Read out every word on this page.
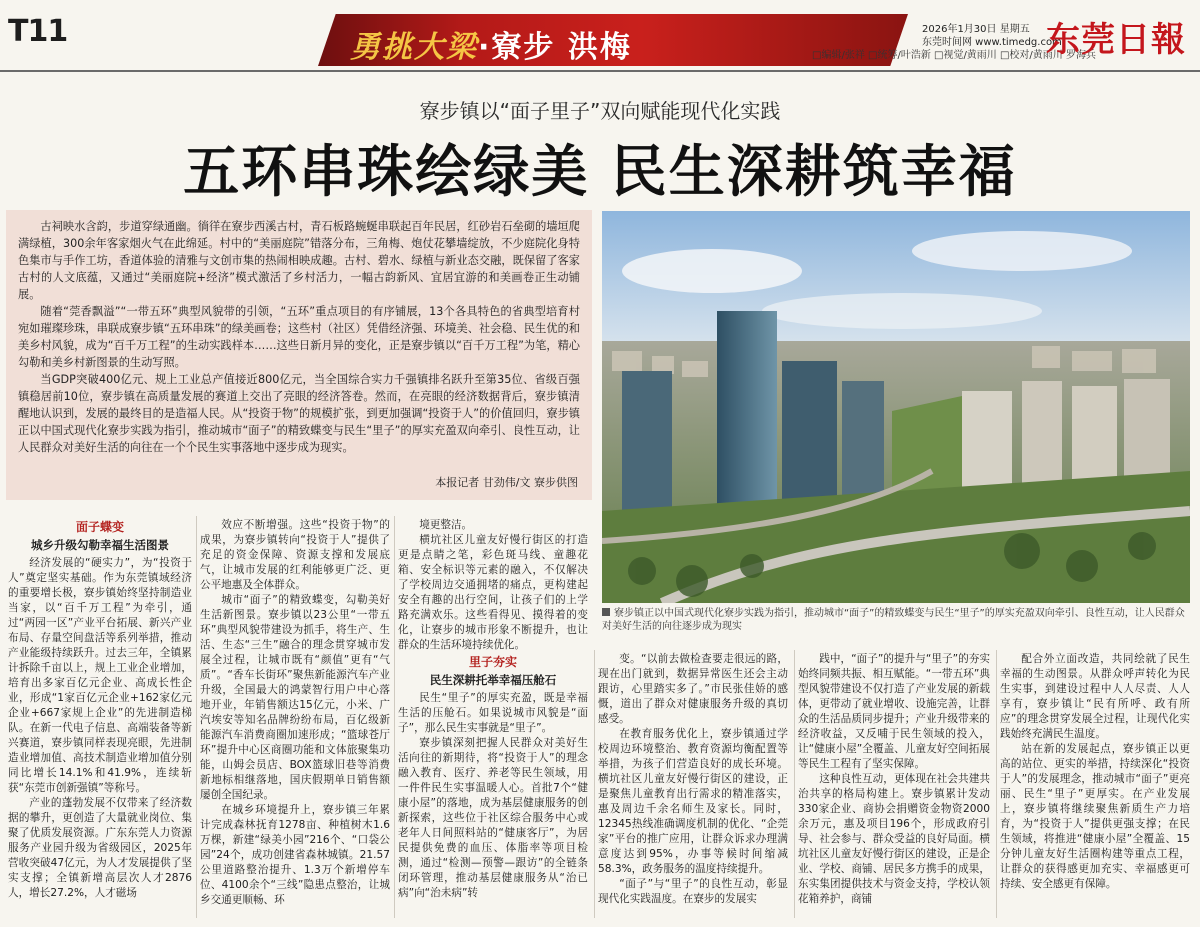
T11	勇挑大梁·寮步 洪梅
2026年1月30日 星期五
东莞时间网 www.timedg.com
□编辑/张祥 □统筹/叶浩新 □视觉/黄雨川 □校对/黄雨川 罗海兵
东莞日報
寮步镇以“面子里子”双向赋能现代化实践
五环串珠绘绿美 民生深耕筑幸福

古祠映水含韵，步道穿绿通幽。徜徉在寮步西溪古村，青石板路蜿蜒串联起百年民居，红砂岩石垒砌的墙垣爬满绿植，300余年客家烟火气在此绵延。村中的“美丽庭院”错落分布，三角梅、炮仗花攀墙绽放，不少庭院化身特色集市与手作工坊，香道体验的清雅与文创市集的热闹相映成趣。古村、碧水、绿植与新业态交融，既保留了客家古村的人文底蕴，又通过“美丽庭院+经济”模式激活了乡村活力，一幅古韵新风、宜居宜游的和美画卷正生动铺展。

随着“莞香飘溢”“一带五环”典型风貌带的引领，“五环”重点项目的有序铺展，13个各具特色的省典型培育村宛如璀璨珍珠，串联成寮步镇“五环串珠”的绿美画卷；这些村（社区）凭借经济强、环境美、社会稳、民生优的和美乡村风貌，成为“百千万工程”的生动实践样本……这些日新月异的变化，正是寮步镇以“百千万工程”为笔，精心勾勒和美乡村新图景的生动写照。

当GDP突破400亿元、规上工业总产值接近800亿元，当全国综合实力千强镇排名跃升至第35位、省级百强镇稳居前10位，寮步镇在高质量发展的赛道上交出了亮眼的经济答卷。然而，在亮眼的经济数据背后，寮步镇清醒地认识到，发展的最终目的是造福人民。从“投资于物”的规模扩张，到更加强调“投资于人”的价值回归，寮步镇正以中国式现代化寮步实践为指引，推动城市“面子”的精致蝶变与民生“里子”的厚实充盈双向牵引、良性互动，让人民群众对美好生活的向往在一个个民生实事落地中逐步成为现实。

本报记者 甘劲伟/文 寮步供图
寮步镇正以中国式现代化寮步实践为指引，推动城市“面子”的精致蝶变与民生“里子”的厚实充盈双向牵引、良性互动，让人民群众对美好生活的向往逐步成为现实

面子蝶变

城乡升级勾勒幸福生活图景

经济发展的“硬实力”，为“投资于人”奠定坚实基础。作为东莞镇域经济的重要增长极，寮步镇始终坚持制造业当家，以“百千万工程”为牵引，通过“两园一区”产业平台拓展、新兴产业布局、存量空间盘活等系列举措，推动产业能级持续跃升。过去三年，全镇累计拆除千亩以上，规上工业企业增加，培育出多家百亿元企业、高成长性企业，形成“1家百亿元企业+162家亿元企业+667家规上企业”的先进制造梯队。在新一代电子信息、高端装备等新兴赛道，寮步镇同样表现亮眼，先进制造业增加值、高技术制造业增加值分别同比增长14.1%和41.9%，连续斩获“东莞市创新强镇”等称号。

产业的蓬勃发展不仅带来了经济数据的攀升，更创造了大量就业岗位、集聚了优质发展资源。广东东莞人力资源服务产业园升级为省级园区，2025年营收突破47亿元，为人才发展提供了坚实支撑；全镇新增高层次人才2876人，增长27.2%，人才磁场

效应不断增强。这些“投资于物”的成果，为寮步镇转向“投资于人”提供了充足的资金保障、资源支撑和发展底气，让城市发展的红利能够更广泛、更公平地惠及全体群众。

城市“面子”的精致蝶变，勾勒美好生活新图景。寮步镇以23公里“一带五环”典型风貌带建设为抓手，将生产、生活、生态“三生”融合的理念贯穿城市发展全过程，让城市既有“颜值”更有“气质”。“香车长街环”聚焦新能源汽车产业升级，全国最大的鸿蒙智行用户中心落地开业，年销售额达15亿元，小米、广汽埃安等知名品牌纷纷布局，百亿级新能源汽车消费商圈加速形成；“篮球苍厅环”提升中心区商圈功能和文体旅聚集功能，山姆会员店、BOX篮球旧巷等消费新地标相继落地，国庆假期单日销售额屡创全国纪录。

在城乡环境提升上，寮步镇三年累计完成森林抚育1278亩、种植树木1.6万棵，新建“绿美小园”216个、“口袋公园”24个，成功创建省森林城镇。21.57公里道路整治提升、1.3万个新增停车位、4100余个“三线”隐患点整治，让城乡交通更顺畅、环

境更整洁。

横坑社区儿童友好慢行街区的打造更是点睛之笔，彩色斑马线、童趣花箱、安全标识等元素的融入，不仅解决了学校周边交通拥堵的痛点，更构建起安全有趣的出行空间，让孩子们的上学路充满欢乐。这些看得见、摸得着的变化，让寮步的城市形象不断提升，也让群众的生活环境持续优化。

里子夯实

民生深耕托举幸福压舱石

民生“里子”的厚实充盈，既是幸福生活的压舱石。如果说城市风貌是“面子”，那么民生实事就是“里子”。

寮步镇深刻把握人民群众对美好生活向往的新期待，将“投资于人”的理念融入教育、医疗、养老等民生领域，用一件件民生实事温暖人心。首批7个“健康小屋”的落地，成为基层健康服务的创新探索，这些位于社区综合服务中心或老年人日间照料站的“健康客厅”，为居民提供免费的血压、体脂率等项目检测，通过“检测—预警—跟访”的全链条闭环管理，推动基层健康服务从“治已病”向“治未病”转

变。“以前去做检查要走很远的路，现在出门就到，数据异常医生还会主动跟访，心里踏实多了。”市民张佳娇的感慨，道出了群众对健康服务升级的真切感受。

在教育服务优化上，寮步镇通过学校周边环境整治、教育资源均衡配置等举措，为孩子们营造良好的成长环境。横坑社区儿童友好慢行街区的建设，正是聚焦儿童教育出行需求的精准落实，惠及周边千余名师生及家长。同时，12345热线准确调度机制的优化、“企莞家”平台的推广应用，让群众诉求办理满意度达到95%，办事等候时间缩减58.3%，政务服务的温度持续提升。

“面子”与“里子”的良性互动，彰显现代化实践温度。在寮步的发展实

践中，“面子”的提升与“里子”的夯实始终同频共振、相互赋能。“一带五环”典型风貌带建设不仅打造了产业发展的新载体，更带动了就业增收、设施完善，让群众的生活品质同步提升；产业升级带来的经济收益，又反哺于民生领域的投入，让“健康小屋”全覆盖、儿童友好空间拓展等民生工程有了坚实保障。

这种良性互动，更体现在社会共建共治共享的格局构建上。寮步镇累计发动330家企业、商协会捐赠资金物资2000余万元，惠及项目196个，形成政府引导、社会参与、群众受益的良好局面。横坑社区儿童友好慢行街区的建设，正是企业、学校、商铺、居民多方携手的成果，东实集团提供技术与资金支持，学校认领花箱养护，商铺

配合外立面改造，共同绘就了民生幸福的生动图景。从群众呼声转化为民生实事，到建设过程中人人尽责、人人享有，寮步镇让“民有所呼、政有所应”的理念贯穿发展全过程，让现代化实践始终充满民生温度。

站在新的发展起点，寮步镇正以更高的站位、更实的举措，持续深化“投资于人”的发展理念，推动城市“面子”更亮丽、民生“里子”更厚实。在产业发展上，寮步镇将继续聚焦新质生产力培育，为“投资于人”提供更强支撑；在民生领域，将推进“健康小屋”全覆盖、15分钟儿童友好生活圈构建等重点工程，让群众的获得感更加充实、幸福感更可持续、安全感更有保障。
